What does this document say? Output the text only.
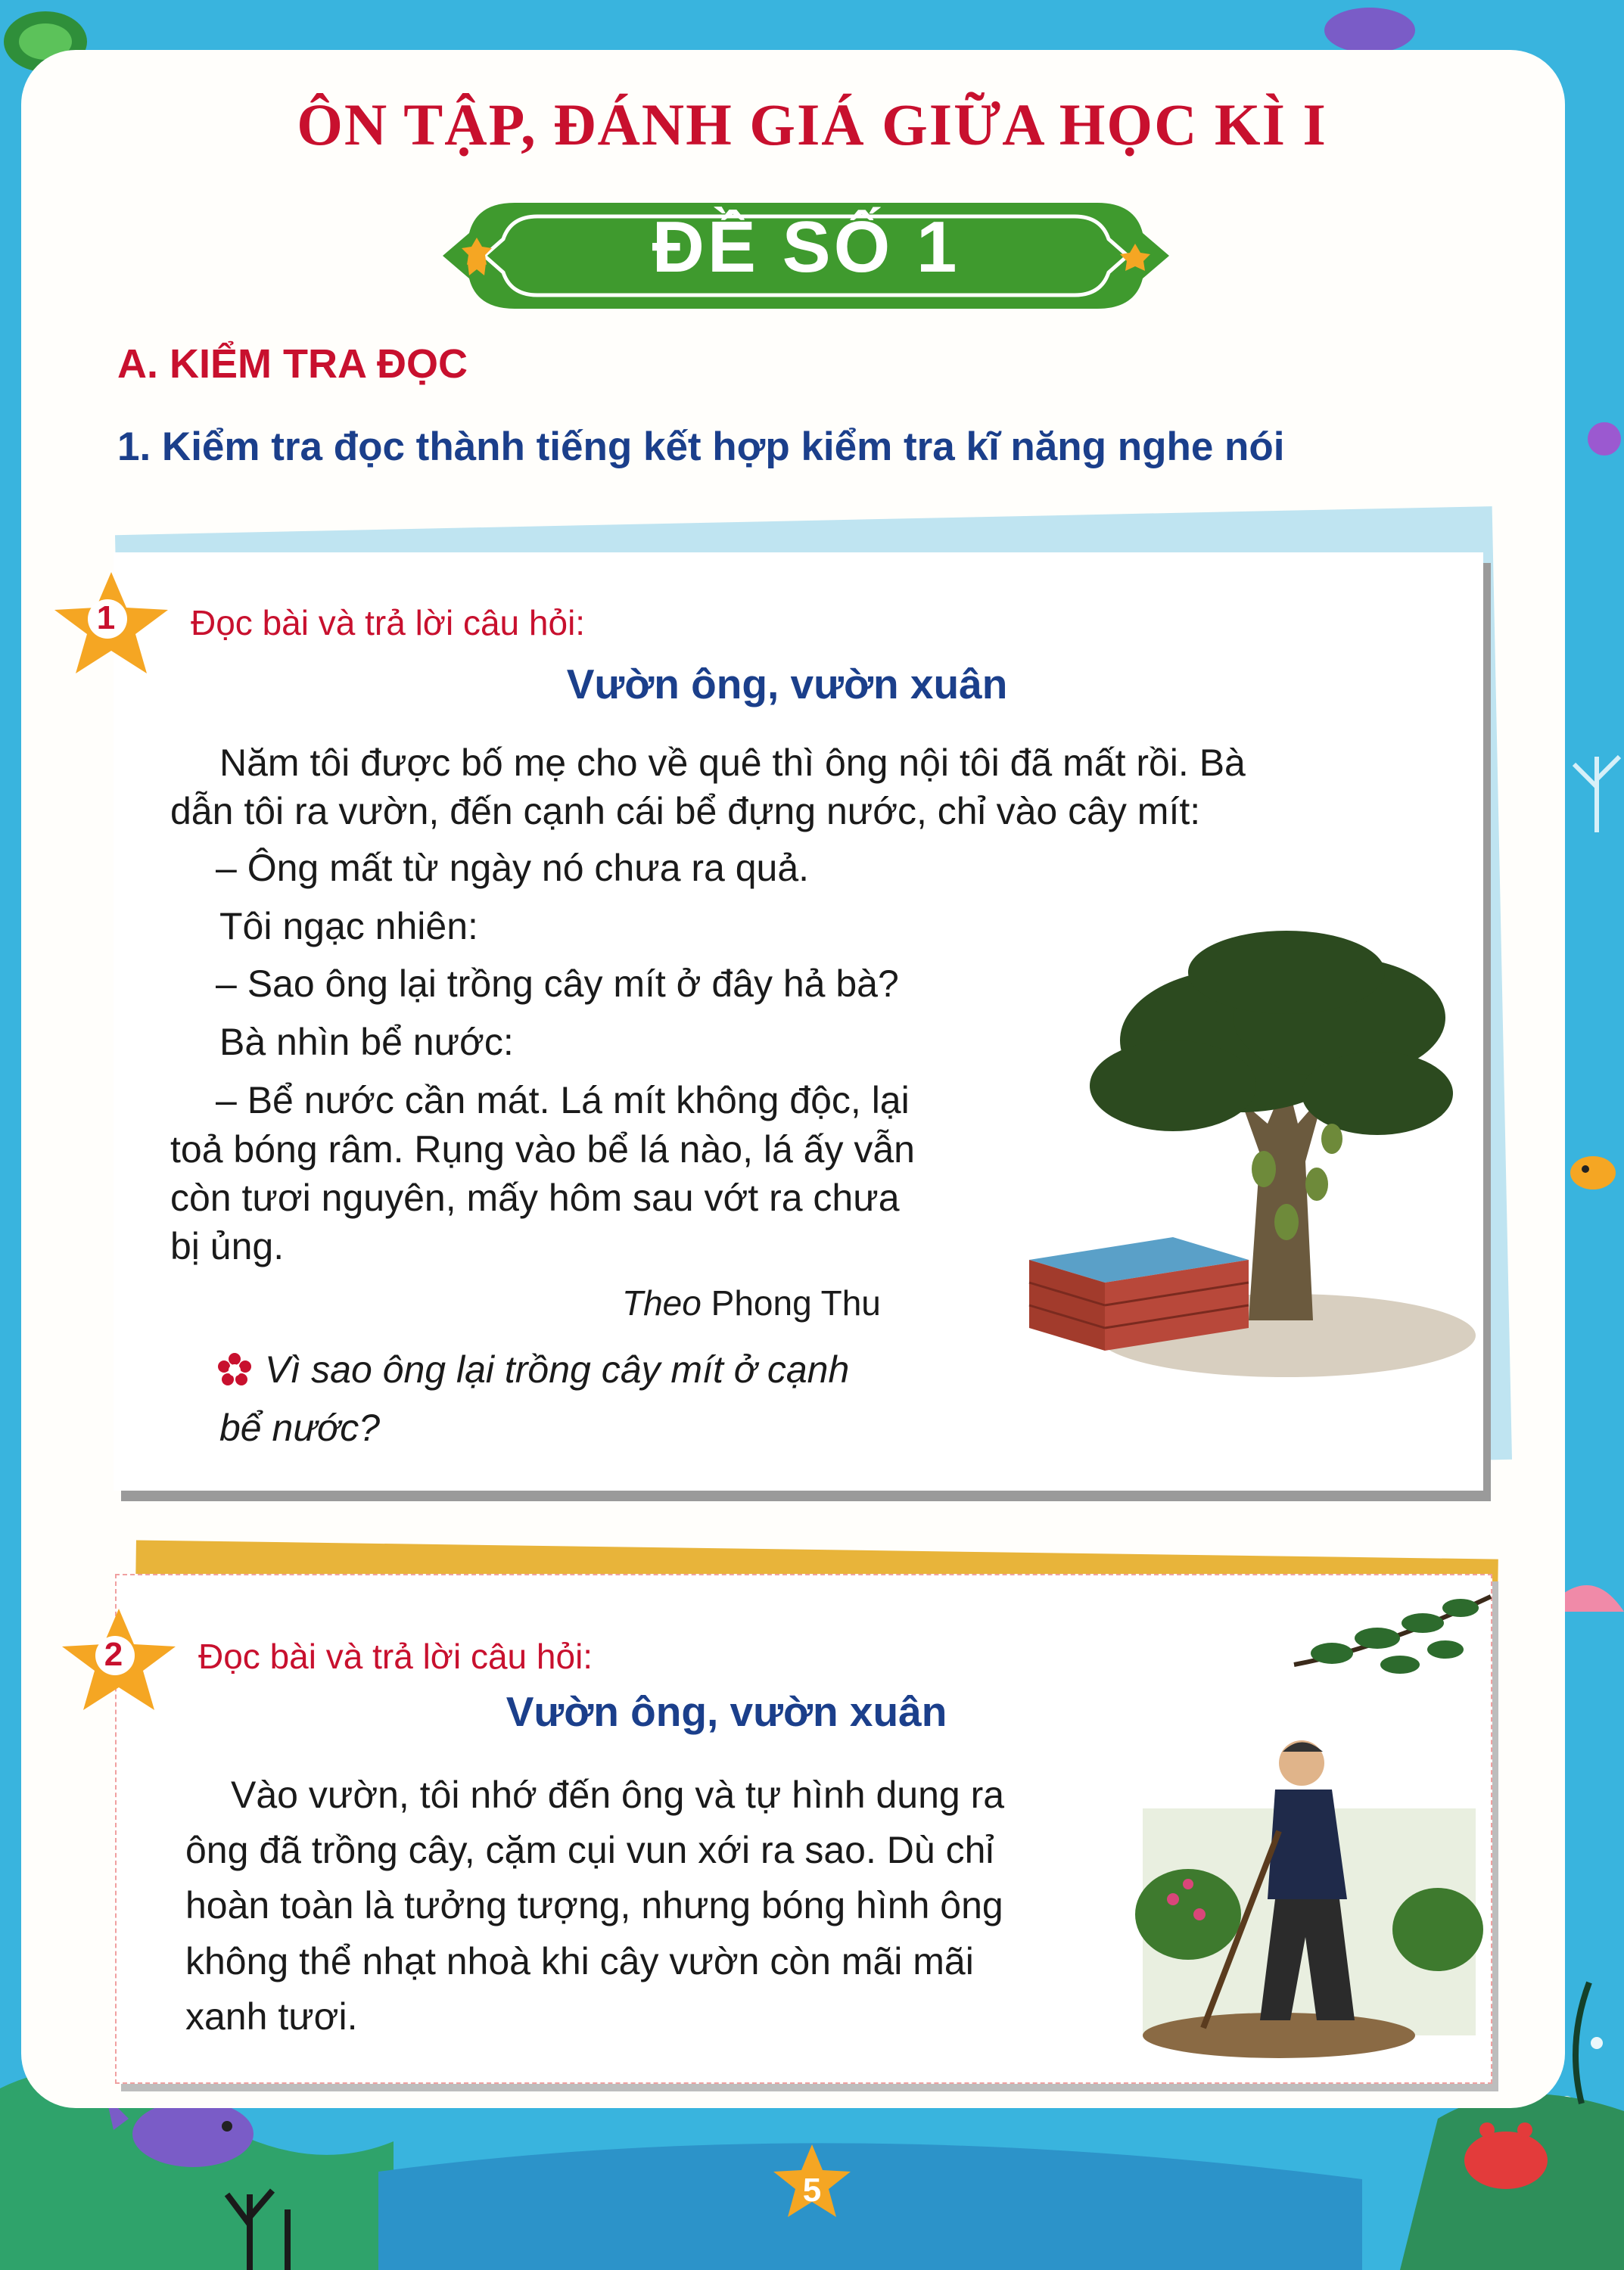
ÔN TẬP, ĐÁNH GIÁ GIỮA HỌC KÌ I
ĐỀ SỐ 1
A. KIỂM TRA ĐỌC
1. Kiểm tra đọc thành tiếng kết hợp kiểm tra kĩ năng nghe nói
1	Đọc bài và trả lời câu hỏi:
Vườn ông, vườn xuân
Năm tôi được bố mẹ cho về quê thì ông nội tôi đã mất rồi. Bà
dẫn tôi ra vườn, đến cạnh cái bể đựng nước, chỉ vào cây mít:
– Ông mất từ ngày nó chưa ra quả.
Tôi ngạc nhiên:
– Sao ông lại trồng cây mít ở đây hả bà?
Bà nhìn bể nước:
– Bể nước cần mát. Lá mít không độc, lại
toả bóng râm. Rụng vào bể lá nào, lá ấy vẫn
còn tươi nguyên, mấy hôm sau vớt ra chưa
bị ủng.
Theo Phong Thu
Vì sao ông lại trồng cây mít ở cạnh
bể nước?
2	Đọc bài và trả lời câu hỏi:
Vườn ông, vườn xuân
Vào vườn, tôi nhớ đến ông và tự hình dung ra
ông đã trồng cây, cặm cụi vun xới ra sao. Dù chỉ
hoàn toàn là tưởng tượng, nhưng bóng hình ông
không thể nhạt nhoà khi cây vườn còn mãi mãi
xanh tươi.
5
